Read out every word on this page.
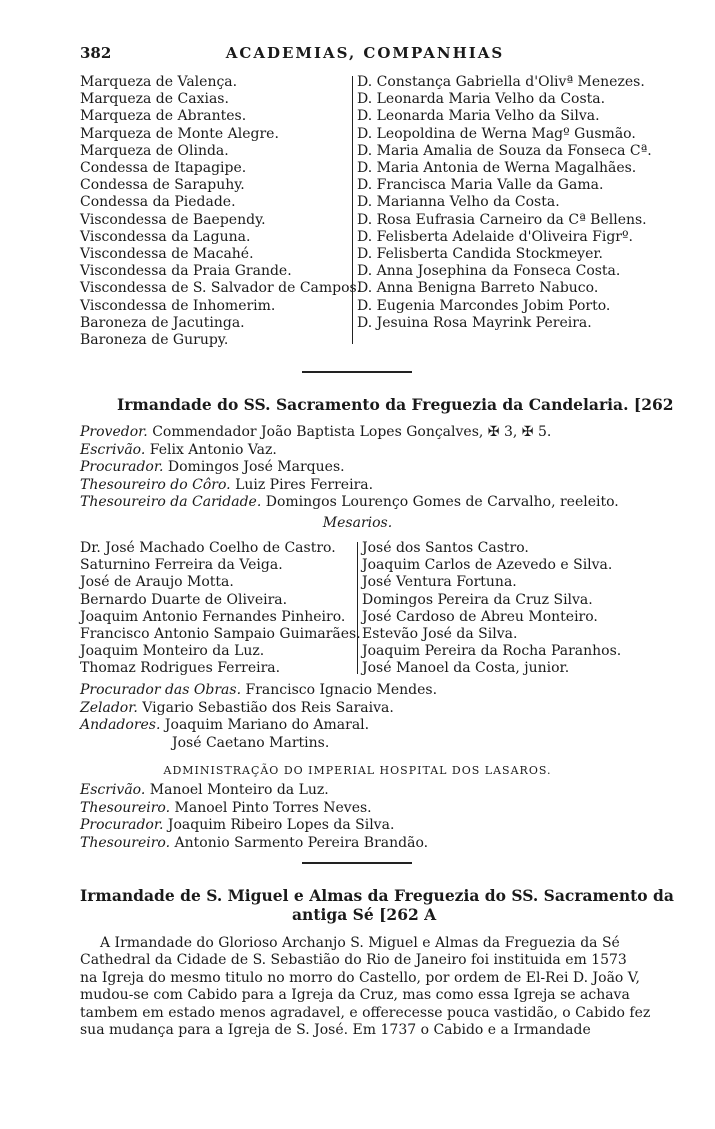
382	ACADEMIAS, COMPANHIAS
Marqueza de Valença.
Marqueza de Caxias.
Marqueza de Abrantes.
Marqueza de Monte Alegre.
Marqueza de Olinda.
Condessa de Itapagipe.
Condessa de Sarapuhy.
Condessa da Piedade.
Viscondessa de Baependy.
Viscondessa da Laguna.
Viscondessa de Macahé.
Viscondessa da Praia Grande.
Viscondessa de S. Salvador de Campos.
Viscondessa de Inhomerim.
Baroneza de Jacutinga.
Baroneza de Gurupy.
D. Constança Gabriella d'Olivª Menezes.
D. Leonarda Maria Velho da Costa.
D. Leonarda Maria Velho da Silva.
D. Leopoldina de Werna Magº Gusmão.
D. Maria Amalia de Souza da Fonseca Cª.
D. Maria Antonia de Werna Magalhães.
D. Francisca Maria Valle da Gama.
D. Marianna Velho da Costa.
D. Rosa Eufrasia Carneiro da Cª Bellens.
D. Felisberta Adelaide d'Oliveira Figrº.
D. Felisberta Candida Stockmeyer.
D. Anna Josephina da Fonseca Costa.
D. Anna Benigna Barreto Nabuco.
D. Eugenia Marcondes Jobim Porto.
D. Jesuina Rosa Mayrink Pereira.
Irmandade do SS. Sacramento da Freguezia da Candelaria. [262
Provedor. Commendador João Baptista Lopes Gonçalves, ✠ 3, ✠ 5.
Escrivão. Felix Antonio Vaz.
Procurador. Domingos José Marques.
Thesoureiro do Côro. Luiz Pires Ferreira.
Thesoureiro da Caridade. Domingos Lourenço Gomes de Carvalho, reeleito.
Mesarios.
Dr. José Machado Coelho de Castro.
Saturnino Ferreira da Veiga.
José de Araujo Motta.
Bernardo Duarte de Oliveira.
Joaquim Antonio Fernandes Pinheiro.
Francisco Antonio Sampaio Guimarães.
Joaquim Monteiro da Luz.
Thomaz Rodrigues Ferreira.
José dos Santos Castro.
Joaquim Carlos de Azevedo e Silva.
José Ventura Fortuna.
Domingos Pereira da Cruz Silva.
José Cardoso de Abreu Monteiro.
Estevão José da Silva.
Joaquim Pereira da Rocha Paranhos.
José Manoel da Costa, junior.
Procurador das Obras. Francisco Ignacio Mendes.
Zelador. Vigario Sebastião dos Reis Saraiva.
Andadores. Joaquim Mariano do Amaral.
José Caetano Martins.
ADMINISTRAÇÃO DO IMPERIAL HOSPITAL DOS LASAROS.
Escrivão. Manoel Monteiro da Luz.
Thesoureiro. Manoel Pinto Torres Neves.
Procurador. Joaquim Ribeiro Lopes da Silva.
Thesoureiro. Antonio Sarmento Pereira Brandão.
Irmandade de S. Miguel e Almas da Freguezia do SS. Sacramento da
antiga Sé [262 A
A Irmandade do Glorioso Archanjo S. Miguel e Almas da Freguezia da Sé
Cathedral da Cidade de S. Sebastião do Rio de Janeiro foi instituida em 1573
na Igreja do mesmo titulo no morro do Castello, por ordem de El-Rei D. João V,
mudou-se com Cabido para a Igreja da Cruz, mas como essa Igreja se achava
tambem em estado menos agradavel, e offerecesse pouca vastidão, o Cabido fez
sua mudança para a Igreja de S. José. Em 1737 o Cabido e a Irmandade
